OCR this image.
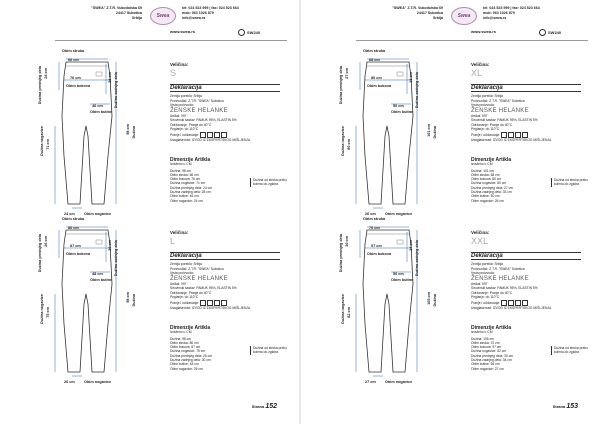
"SWEA" Z.T.R. Vukodolska 69
24417 Subotica
Srbija	Swea
tel: 024 523 999 | fax: 024 523 664
mob: 063 1026 879
info@swea.rs
www.swea.rs	SW240
Strana 152
Obim struka
66 cm
76 cm
Obim bokova
24 cm
Dužina prednjeg dela	28 cm Dužina zadnjeg dela
46 cm
Obim butine
71 cm
Dužina nogavice	98 cm Dužina
24 cm Obim nogavice
Veličina:
S
Deklaracija
Zemlja porekla: Srbija
Proizvođač: Z.T.R. "SWEA" Subotica
Vrsta proizvoda:
ŽENSKE HELANKE
Artikal: 097
Sirovinski sastav: PAMUK 95%, ELASTIN 5%
Održavanje: Pranje do 40°C
Peglanje: do 110°C
Pranje i održavanje:
Usaglašenost: IZVOD IZ EKSPERTSKOG MIŠLJENJA
Dimenzije Artikla
Izraženo u CM
Dužina: 98 cm
Obim struka: 66 cm
Obim bokova: 76 cm
Dužina nogavice: 71 cm
Dužina prednjeg dela: 24 cm
Dužina zadnjeg dela: 28 cm
Obim butine: 46 cm
Obim nogavice: 24 cm
Dužina od struka preko kolena do zgloba
Obim struka
80 cm
87 cm
Obim bokova
26 cm
Dužina prednjeg dela	30 cm Dužina zadnjeg dela
48 cm
Obim butine
75 cm
Dužina nogavice	98 cm Dužina
26 cm Obim nogavice
Veličina:
L
Deklaracija
Zemlja porekla: Srbija
Proizvođač: Z.T.R. "SWEA" Subotica
Vrsta proizvoda:
ŽENSKE HELANKE
Artikal: 097
Sirovinski sastav: PAMUK 95%, ELASTIN 5%
Održavanje: Pranje do 40°C
Peglanje: do 110°C
Pranje i održavanje:
Usaglašenost: IZVOD IZ EKSPERTSKOG MIŠLJENJA
Dimenzije Artikla
Izraženo u CM
Dužina: 98 cm
Obim struka: 80 cm
Obim bokova: 87 cm
Dužina nogavice: 75 cm
Dužina prednjeg dela: 26 cm
Dužina zadnjeg dela: 30 cm
Obim butine: 48 cm
Obim nogavice: 26 cm
Dužina od struka preko kolena do zgloba
"SWEA" Z.T.R. Vukodolska 69
24417 Subotica
Srbija	Swea
tel: 024 523 999 | fax: 024 523 664
mob: 063 1026 879
info@swea.rs
www.swea.rs	SW240
Strana 153
Obim struka
68 cm
80 cm
Obim bokova
27 cm
Dužina prednjeg dela	33 cm Dužina zadnjeg dela
50 cm
Obim butine
80 cm
Dužina nogavice	101 cm Dužina
26 cm Obim nogavice
Veličina:
XL
Deklaracija
Zemlja porekla: Srbija
Proizvođač: Z.T.R. "SWEA" Subotica
Vrsta proizvoda:
ŽENSKE HELANKE
Artikal: 097
Sirovinski sastav: PAMUK 95%, ELASTIN 5%
Održavanje: Pranje do 40°C
Peglanje: do 110°C
Pranje i održavanje:
Usaglašenost: IZVOD IZ EKSPERTSKOG MIŠLJENJA
Dimenzije Artikla
Izraženo u CM
Dužina: 101 cm
Obim struka: 68 cm
Obim bokova: 80 cm
Dužina nogavice: 80 cm
Dužina prednjeg dela: 27 cm
Dužina zadnjeg dela: 33 cm
Obim butine: 50 cm
Obim nogavice: 26 cm
Dužina od struka preko kolena do zgloba
Obim struka
70 cm
97 cm
Obim bokova
30 cm
Dužina prednjeg dela	34 cm Dužina zadnjeg dela
56 cm
Obim butine
82 cm
Dužina nogavice	105 cm Dužina
27 cm Obim nogavice
Veličina:
XXL
Deklaracija
Zemlja porekla: Srbija
Proizvođač: Z.T.R. "SWEA" Subotica
Vrsta proizvoda:
ŽENSKE HELANKE
Artikal: 097
Sirovinski sastav: PAMUK 95%, ELASTIN 5%
Održavanje: Pranje do 40°C
Peglanje: do 110°C
Pranje i održavanje:
Usaglašenost: IZVOD IZ EKSPERTSKOG MIŠLJENJA
Dimenzije Artikla
Izraženo u CM
Dužina: 105 cm
Obim struka: 70 cm
Obim bokova: 97 cm
Dužina nogavice: 82 cm
Dužina prednjeg dela: 30 cm
Dužina zadnjeg dela: 34 cm
Obim butine: 56 cm
Obim nogavice: 27 cm
Dužina od struka preko kolena do zgloba
